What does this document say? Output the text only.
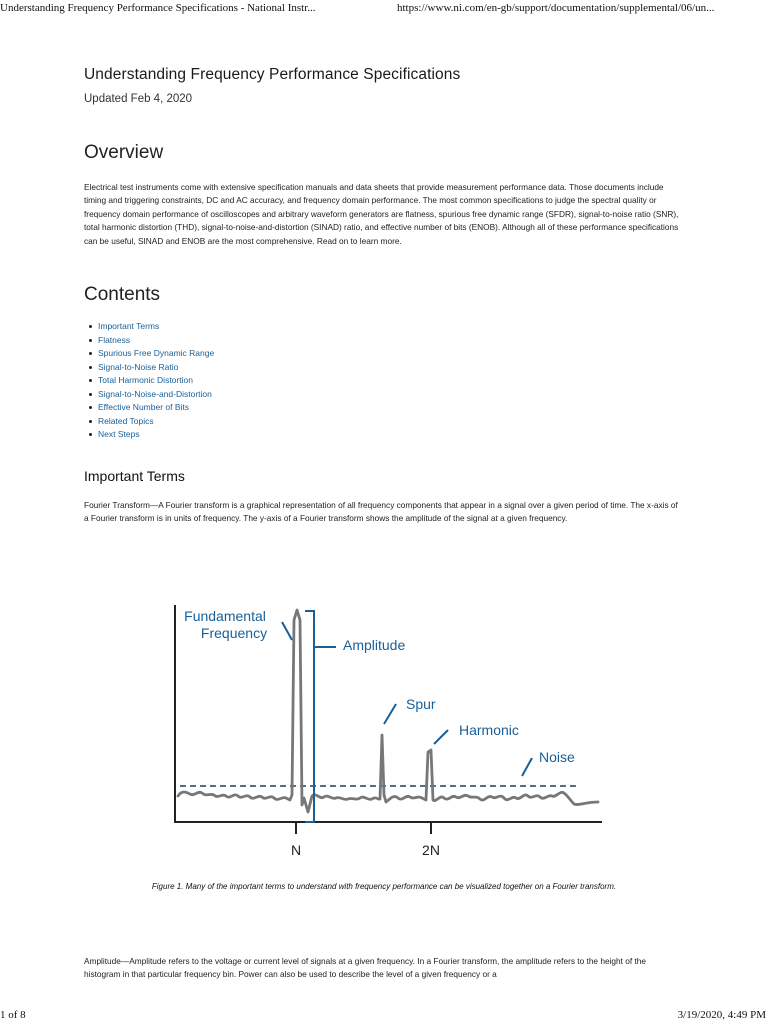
Understanding Frequency Performance Specifications - National Instr...	https://www.ni.com/en-gb/support/documentation/supplemental/06/un...
Understanding Frequency Performance Specifications
Updated Feb 4, 2020
Overview

Electrical test instruments come with extensive specification manuals and data sheets that provide measurement performance data. Those documents include timing and triggering constraints, DC and AC accuracy, and frequency domain performance. The most common specifications to judge the spectral quality or frequency domain performance of oscilloscopes and arbitrary waveform generators are flatness, spurious free dynamic range (SFDR), signal-to-noise ratio (SNR), total harmonic distortion (THD), signal-to-noise-and-distortion (SINAD) ratio, and effective number of bits (ENOB). Although all of these performance specifications can be useful, SINAD and ENOB are the most comprehensive. Read on to learn more.

Contents
Important Terms
Flatness
Spurious Free Dynamic Range
Signal-to-Noise Ratio
Total Harmonic Distortion
Signal-to-Noise-and-Distortion
Effective Number of Bits
Related Topics
Next Steps
Important Terms

Fourier Transform—A Fourier transform is a graphical representation of all frequency components that appear in a signal over a given period of time. The x-axis of a Fourier transform is in units of frequency. The y-axis of a Fourier transform shows the amplitude of the signal at a given frequency.

Amplitude—Amplitude refers to the voltage or current level of signals at a given frequency. In a Fourier transform, the amplitude refers to the height of the histogram in that particular frequency bin. Power can also be used to describe the level of a given frequency or a

Fundamental
Frequency
Amplitude
Spur
Harmonic
Noise
N	2N
Figure 1. Many of the important terms to understand with frequency performance can be visualized together on a Fourier transform.
1 of 8	3/19/2020, 4:49 PM
